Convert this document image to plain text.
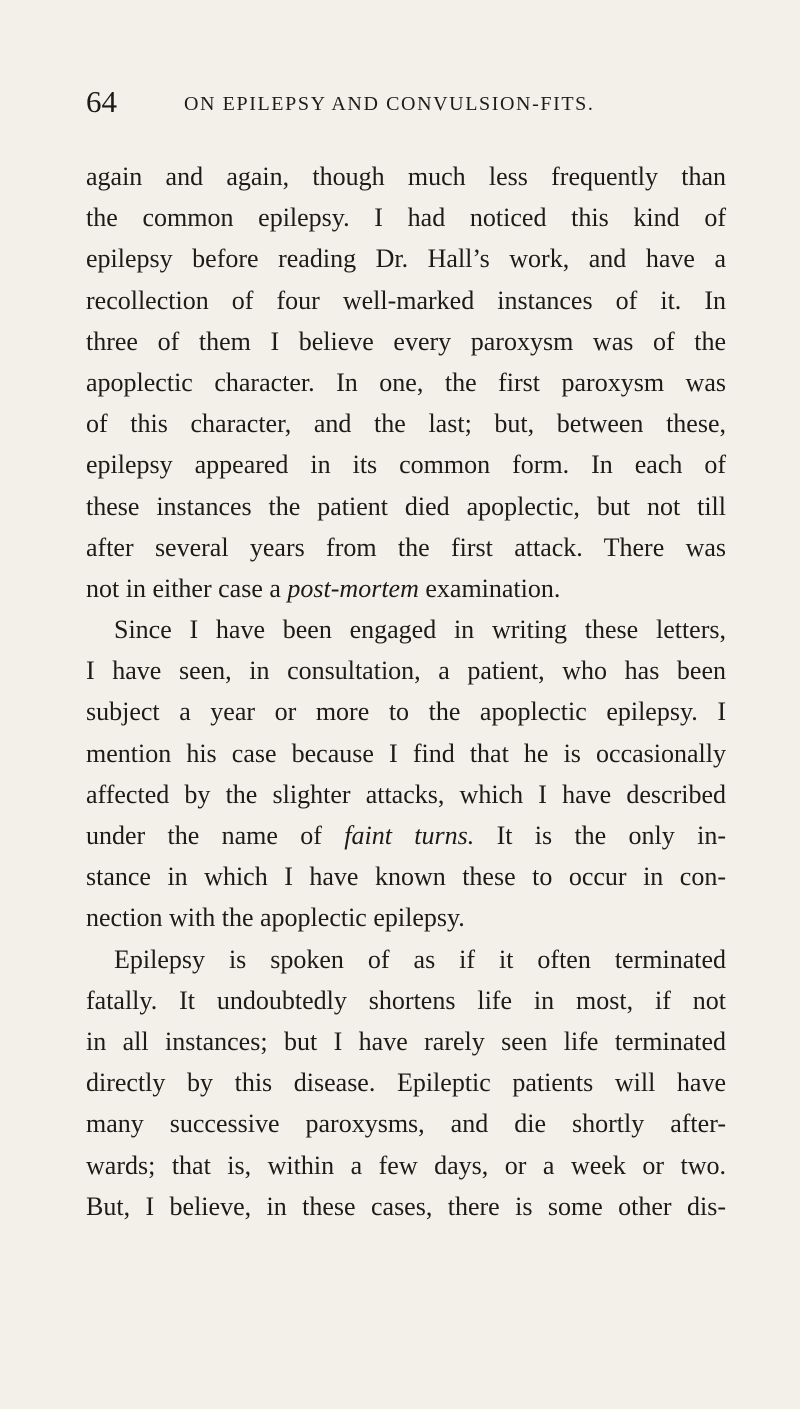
64	ON EPILEPSY AND CONVULSION-FITS.
again and again, though much less frequently than
the common epilepsy. I had noticed this kind of
epilepsy before reading Dr. Hall’s work, and have a
recollection of four well-marked instances of it. In
three of them I believe every paroxysm was of the
apoplectic character. In one, the first paroxysm was
of this character, and the last; but, between these,
epilepsy appeared in its common form. In each of
these instances the patient died apoplectic, but not till
after several years from the first attack. There was
not in either case a post-mortem examination.
Since I have been engaged in writing these letters,
I have seen, in consultation, a patient, who has been
subject a year or more to the apoplectic epilepsy. I
mention his case because I find that he is occasionally
affected by the slighter attacks, which I have described
under the name of faint turns. It is the only in-
stance in which I have known these to occur in con-
nection with the apoplectic epilepsy.
Epilepsy is spoken of as if it often terminated
fatally. It undoubtedly shortens life in most, if not
in all instances; but I have rarely seen life terminated
directly by this disease. Epileptic patients will have
many successive paroxysms, and die shortly after-
wards; that is, within a few days, or a week or two.
But, I believe, in these cases, there is some other dis-
